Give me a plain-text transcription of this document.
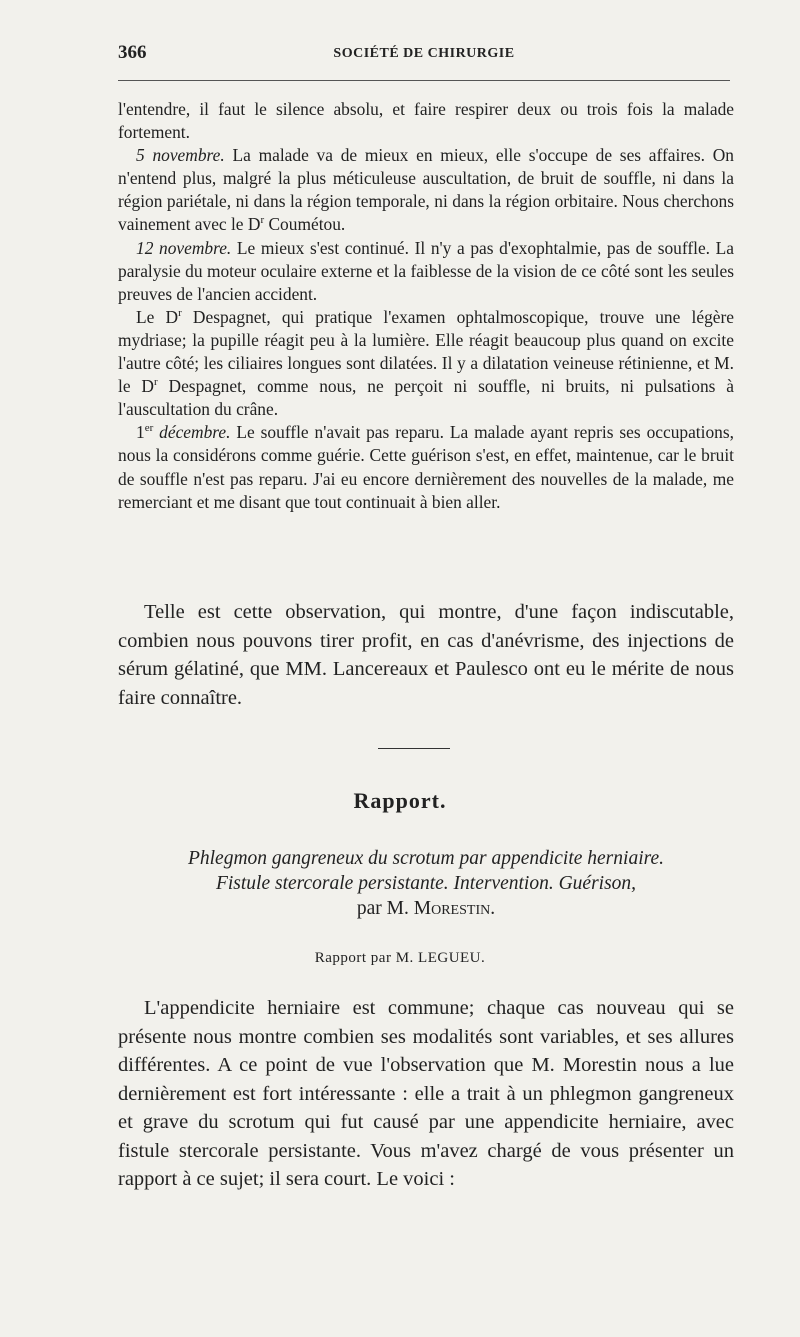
366	SOCIÉTÉ DE CHIRURGIE

l'entendre, il faut le silence absolu, et faire respirer deux ou trois fois la malade fortement.

5 novembre. La malade va de mieux en mieux, elle s'occupe de ses affaires. On n'entend plus, malgré la plus méticuleuse auscultation, de bruit de souffle, ni dans la région pariétale, ni dans la région temporale, ni dans la région orbitaire. Nous cherchons vainement avec le $D^r$ Coumétou.

12 novembre. Le mieux s'est continué. Il n'y a pas d'exophtalmie, pas de souffle. La paralysie du moteur oculaire externe et la faiblesse de la vision de ce côté sont les seules preuves de l'ancien accident.

Le $D^r$ Despagnet, qui pratique l'examen ophtalmoscopique, trouve une légère mydriase; la pupille réagit peu à la lumière. Elle réagit beaucoup plus quand on excite l'autre côté; les ciliaires longues sont dilatées. Il y a dilatation veineuse rétinienne, et M. le $D^r$ Despagnet, comme nous, ne perçoit ni souffle, ni bruits, ni pulsations à l'auscultation du crâne.

1er décembre. Le souffle n'avait pas reparu. La malade ayant repris ses occupations, nous la considérons comme guérie. Cette guérison s'est, en effet, maintenue, car le bruit de souffle n'est pas reparu. J'ai eu encore dernièrement des nouvelles de la malade, me remerciant et me disant que tout continuait à bien aller.

Telle est cette observation, qui montre, d'une façon indiscutable, combien nous pouvons tirer profit, en cas d'anévrisme, des injections de sérum gélatiné, que MM. Lancereaux et Paulesco ont eu le mérite de nous faire connaître.

Rapport.
Phlegmon gangreneux du scrotum par appendicite herniaire.
Fistule stercorale persistante. Intervention. Guérison,
par M. Morestin.
Rapport par M. LEGUEU.

L'appendicite herniaire est commune; chaque cas nouveau qui se présente nous montre combien ses modalités sont variables, et ses allures différentes. A ce point de vue l'observation que M. Morestin nous a lue dernièrement est fort intéressante : elle a trait à un phlegmon gangreneux et grave du scrotum qui fut causé par une appendicite herniaire, avec fistule stercorale persistante. Vous m'avez chargé de vous présenter un rapport à ce sujet; il sera court. Le voici :
